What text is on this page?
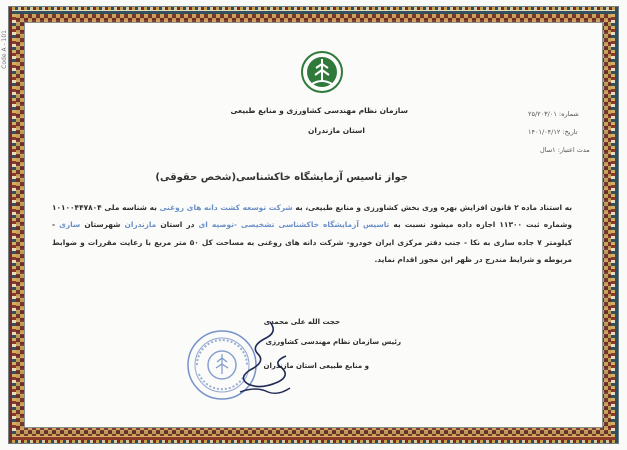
Code A - 101
سازمان نظام مهندسی کشاورزی و منابع طبیعی
استان مازندران
شماره: ۲۵/۲۰۳/۰۱
تاریخ: ۱۴۰۱/۰۴/۱۲
مدت اعتبار: ۱سال
جواز تاسیس آزمایشگاه خاکشناسی(شخص حقوقی)
به استناد ماده ۲ قانون افزایش بهره وری بخش کشاورزی و منابع طبیعی، به شرکت توسعه کشت دانه های روغنی به شناسه ملی ۱۰۱۰۰۴۴۷۸۰۴ وشماره ثبت ۱۱۳۰۰ اجازه داده میشود نسبت به تاسیس آزمایشگاه خاکشناسی تشخیصی -توصیه ای در استان مازندران شهرستان ساری - کیلومتر ۷ جاده ساری به نکا - جنب دفتر مرکزی ایران خودرو- شرکت دانه های روغنی به مساحت کل ۵۰ متر مربع با رعایت مقررات و ضوابط مربوطه و شرایط مندرج در ظهر این مجوز اقدام نماید.
حجت الله علی محمدی
رئیس سازمان نظام مهندسی کشاورزی
و منابع طبیعی استان مازندران
